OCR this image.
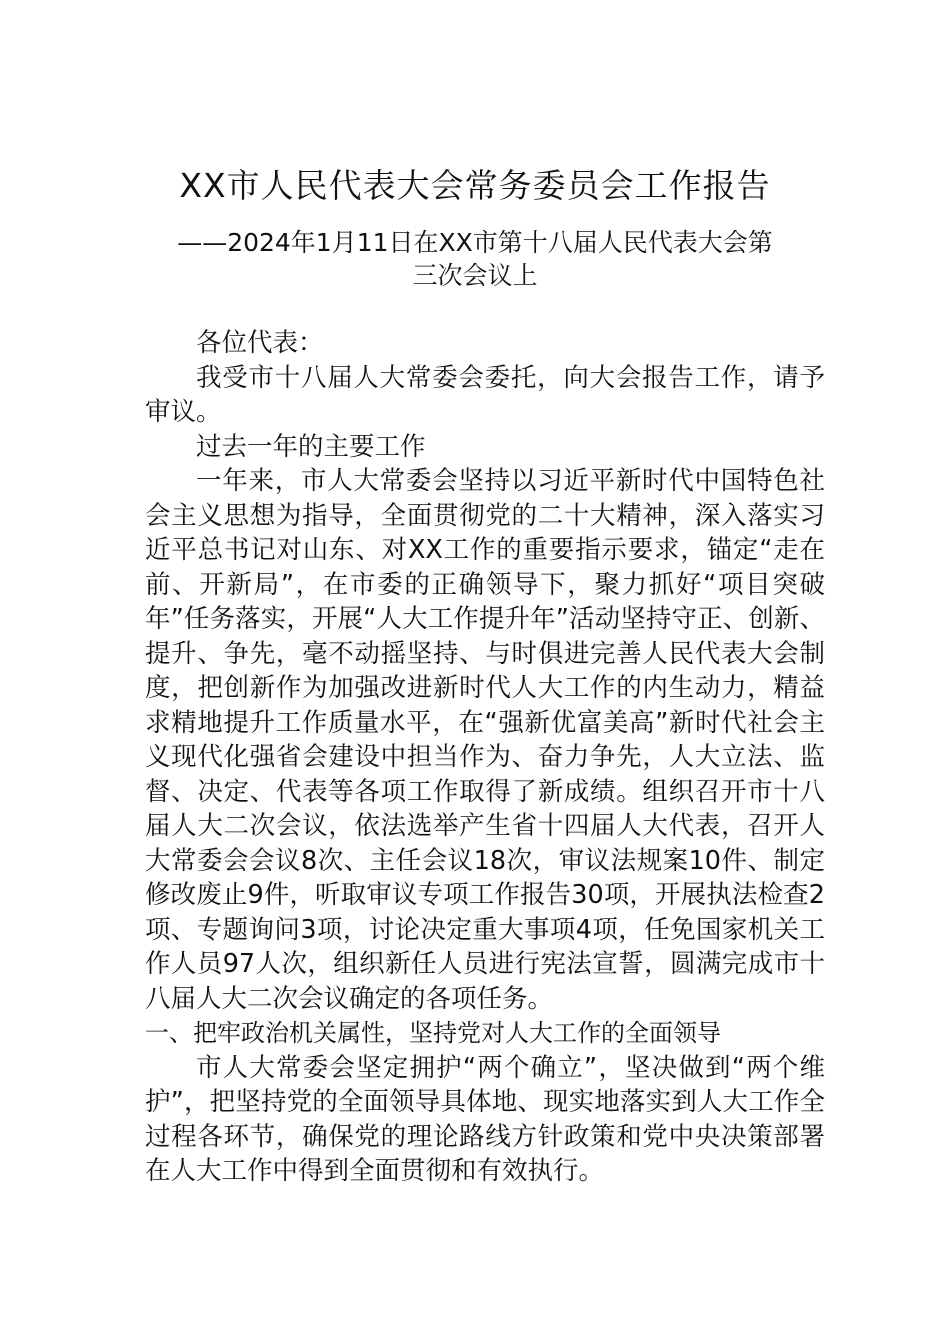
XX市人民代表大会常务委员会工作报告
——2024年1月11日在XX市第十八届人民代表大会第
三次会议上

各位代表：

我受市十八届人大常委会委托，向大会报告工作，请予审议。

过去一年的主要工作

一年来，市人大常委会坚持以习近平新时代中国特色社会主义思想为指导，全面贯彻党的二十大精神，深入落实习近平总书记对山东、对XX工作的重要指示要求，锚定“走在前、开新局”，在市委的正确领导下，聚力抓好“项目突破年”任务落实，开展“人大工作提升年”活动坚持守正、创新、提升、争先，毫不动摇坚持、与时俱进完善人民代表大会制度，把创新作为加强改进新时代人大工作的内生动力，精益求精地提升工作质量水平，在“强新优富美高”新时代社会主义现代化强省会建设中担当作为、奋力争先，人大立法、监督、决定、代表等各项工作取得了新成绩。组织召开市十八届人大二次会议，依法选举产生省十四届人大代表，召开人大常委会会议8次、主任会议18次，审议法规案10件、制定修改废止9件，听取审议专项工作报告30项，开展执法检查2项、专题询问3项，讨论决定重大事项4项，任免国家机关工作人员97人次，组织新任人员进行宪法宣誓，圆满完成市十八届人大二次会议确定的各项任务。

一、把牢政治机关属性，坚持党对人大工作的全面领导

市人大常委会坚定拥护“两个确立”，坚决做到“两个维护”，把坚持党的全面领导具体地、现实地落实到人大工作全过程各环节，确保党的理论路线方针政策和党中央决策部署在人大工作中得到全面贯彻和有效执行。
